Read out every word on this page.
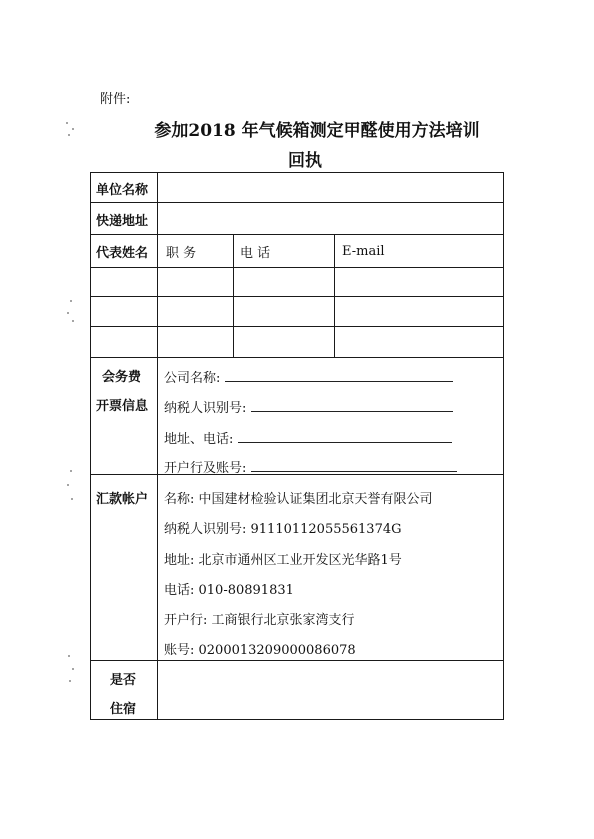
附件:
参加2018 年气候箱测定甲醛使用方法培训
回执
单位名称
快递地址
代表姓名 职 务	电 话	E-mail
会务费
开票信息
公司名称:
纳税人识别号:
地址、电话:
开户行及账号:
汇款帐户 名称: 中国建材检验认证集团北京天誉有限公司
纳税人识别号: 91110112055561374G
地址: 北京市通州区工业开发区光华路1号
电话: 010-80891831
开户行: 工商银行北京张家湾支行
账号: 0200013209000086078
是否
住宿
